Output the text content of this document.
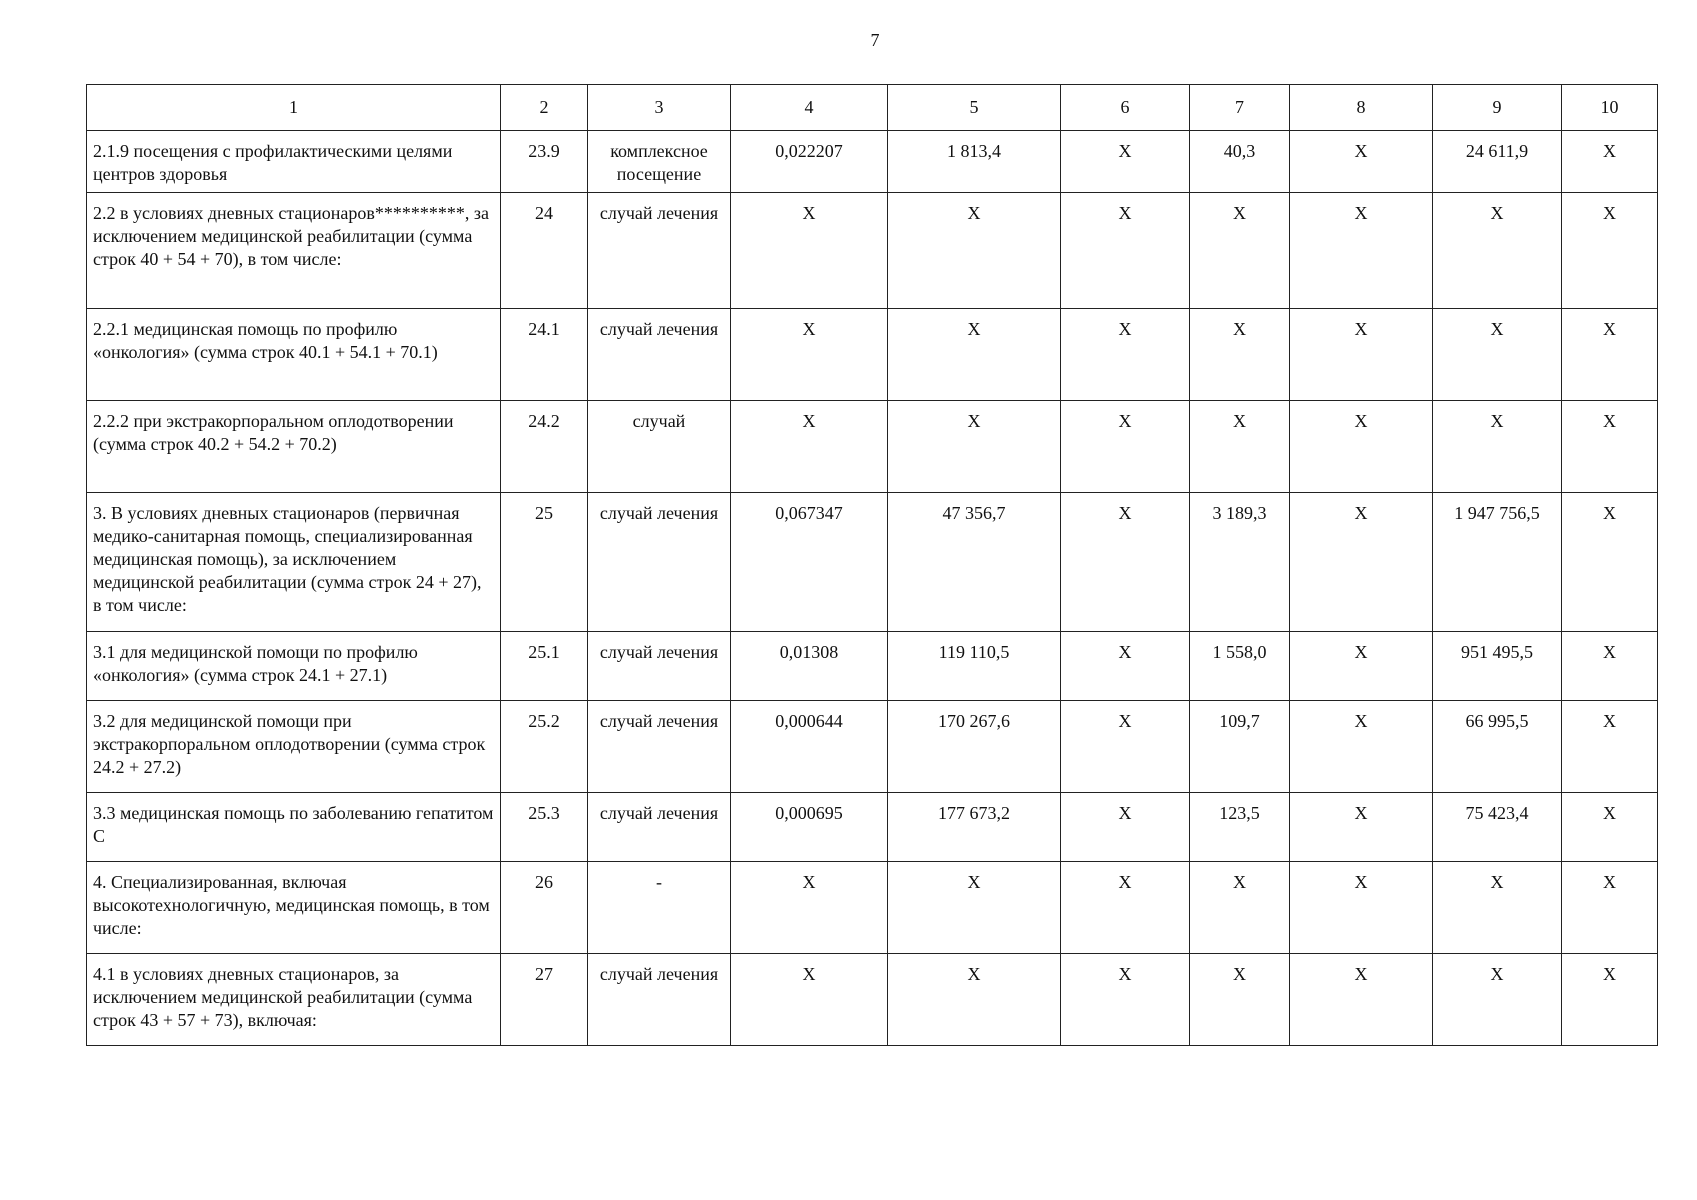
7
1	2	3	4	5	6	7	8	9	10
2.1.9 посещения с профилактическими целями центров здоровья	23.9	комплексное посещение	0,022207	1 813,4	Х	40,3	Х	24 611,9	Х
2.2 в условиях дневных стационаров**********, за исключением медицинской реабилитации (сумма строк 40 + 54 + 70), в том числе:	24	случай лечения	Х	Х	Х	Х	Х	Х	Х
2.2.1 медицинская помощь по профилю «онкология» (сумма строк 40.1 + 54.1 + 70.1)	24.1	случай лечения	Х	Х	Х	Х	Х	Х	Х
2.2.2 при экстракорпоральном оплодотворении (сумма строк 40.2 + 54.2 + 70.2)	24.2	случай	Х	Х	Х	Х	Х	Х	Х
3. В условиях дневных стационаров (первичная медико-санитарная помощь, специализированная медицинская помощь), за исключением медицинской реабилитации (сумма строк 24 + 27), в том числе:	25	случай лечения	0,067347	47 356,7	Х	3 189,3	Х	1 947 756,5	Х
3.1 для медицинской помощи по профилю «онкология» (сумма строк 24.1 + 27.1)	25.1	случай лечения	0,01308	119 110,5	Х	1 558,0	Х	951 495,5	Х
3.2 для медицинской помощи при экстракорпоральном оплодотворении (сумма строк 24.2 + 27.2)	25.2	случай лечения	0,000644	170 267,6	Х	109,7	Х	66 995,5	Х
3.3 медицинская помощь по заболеванию гепатитом С	25.3	случай лечения	0,000695	177 673,2	Х	123,5	Х	75 423,4	Х
4. Специализированная, включая высокотехнологичную, медицинская помощь, в том числе:	26	-	Х	Х	Х	Х	Х	Х	Х
4.1 в условиях дневных стационаров, за исключением медицинской реабилитации (сумма строк 43 + 57 + 73), включая:	27	случай лечения	Х	Х	Х	Х	Х	Х	Х
